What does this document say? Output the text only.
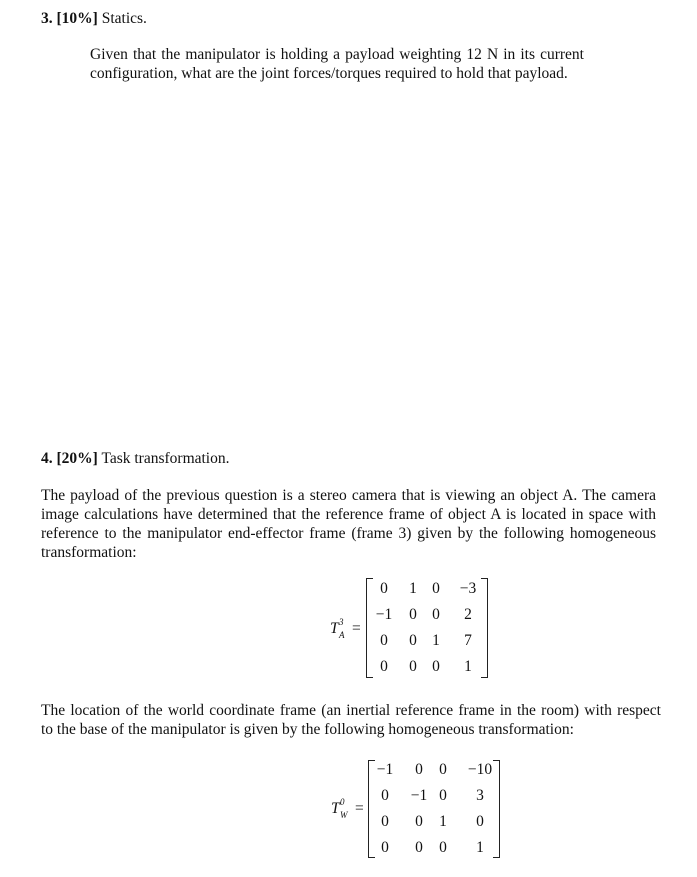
3. [10%] Statics.
Given that the manipulator is holding a payload weighting 12 N in its current
configuration, what are the joint forces/torques required to hold that payload.
4. [20%] Task transformation.
The payload of the previous question is a stereo camera that is viewing an object A. The camera
image calculations have determined that the reference frame of object A is located in space with
reference to the manipulator end-effector frame (frame 3) given by the following homogeneous
transformation:
T 3
A =
0	1 0	−3
−1	0 0	2
0	0 1	7
0	0 0	1
The location of the world coordinate frame (an inertial reference frame in the room) with respect
to the base of the manipulator is given by the following homogeneous transformation:
T 0
W =
−1	0	0	−10
0	−1 0	3
0	0	1	0
0	0	0	1
